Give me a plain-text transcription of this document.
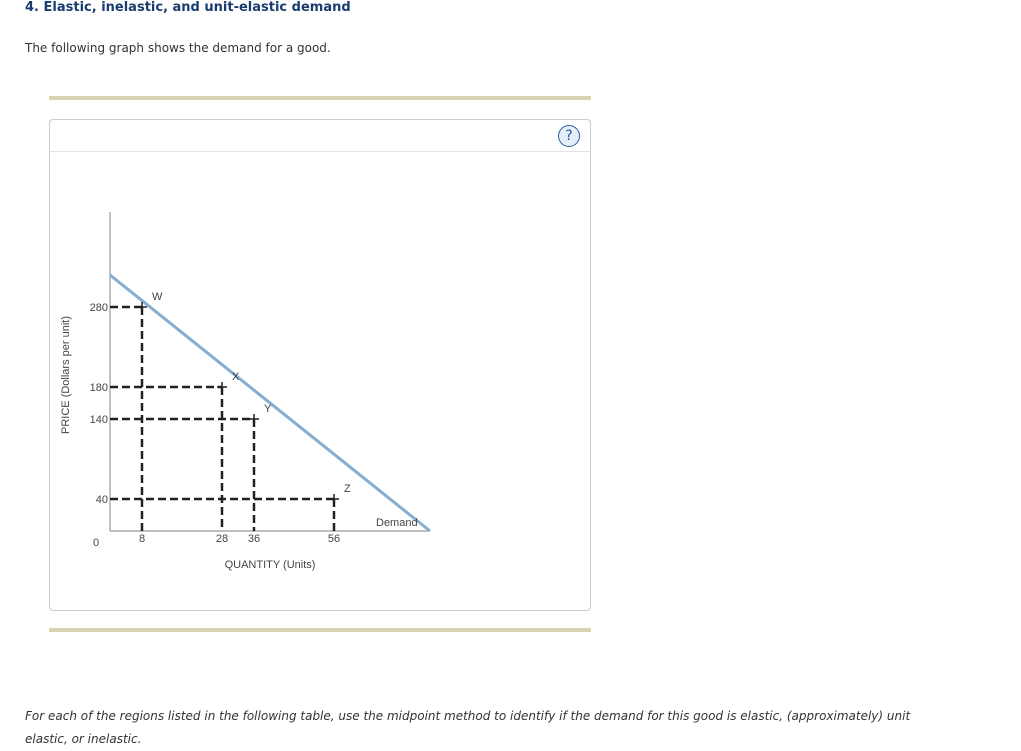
4. Elastic, inelastic, and unit-elastic demand
The following graph shows the demand for a good.
?
8	28 36	56
280
180
140
40
W
X
Y
Z
QUANTITY (Units)
PRICE (Dollars per unit)
0
Demand
For each of the regions listed in the following table, use the midpoint method to identify if the demand for this good is elastic, (approximately) unit elastic, or inelastic.
